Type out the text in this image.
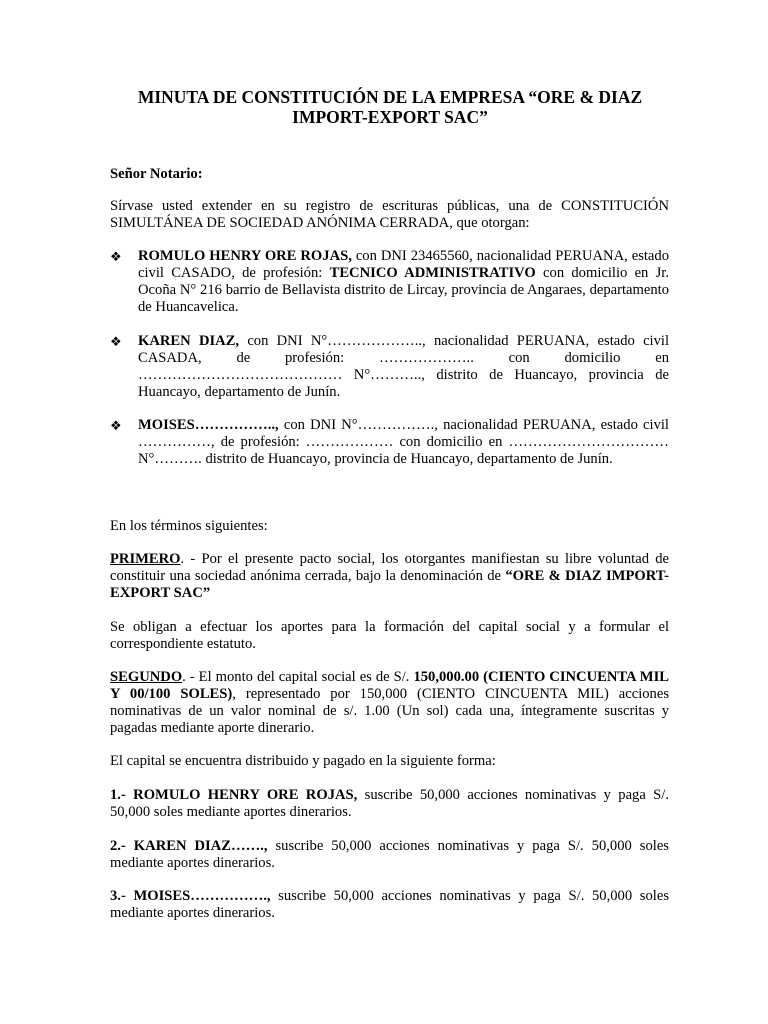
MINUTA DE CONSTITUCIÓN DE LA EMPRESA “ORE & DIAZ
IMPORT-EXPORT SAC”
Señor Notario:
Sírvase usted extender en su registro de escrituras públicas, una de CONSTITUCIÓN SIMULTÁNEA DE SOCIEDAD ANÓNIMA CERRADA, que otorgan:
❖	ROMULO HENRY ORE ROJAS, con DNI 23465560, nacionalidad PERUANA, estado civil CASADO, de profesión: TECNICO ADMINISTRATIVO con domicilio en Jr. Ocoña N° 216 barrio de Bellavista distrito de Lircay, provincia de Angaraes, departamento de Huancavelica.
❖	KAREN DIAZ, con DNI N°……………….., nacionalidad PERUANA, estado civil CASADA, de profesión: ……………….. con domicilio en …………………………………… N°……….., distrito de Huancayo, provincia de Huancayo, departamento de Junín.
❖	MOISES…………….., con DNI N°……………., nacionalidad PERUANA, estado civil ……………, de profesión: ……………… con domicilio en ……………………………N°………. distrito de Huancayo, provincia de Huancayo, departamento de Junín.
En los términos siguientes:
PRIMERO. - Por el presente pacto social, los otorgantes manifiestan su libre voluntad de constituir una sociedad anónima cerrada, bajo la denominación de “ORE & DIAZ IMPORT-EXPORT SAC”
Se obligan a efectuar los aportes para la formación del capital social y a formular el correspondiente estatuto.
SEGUNDO. - El monto del capital social es de S/. 150,000.00 (CIENTO CINCUENTA MIL Y 00/100 SOLES), representado por 150,000 (CIENTO CINCUENTA MIL) acciones nominativas de un valor nominal de s/. 1.00 (Un sol) cada una, íntegramente suscritas y pagadas mediante aporte dinerario.
El capital se encuentra distribuido y pagado en la siguiente forma:
1.- ROMULO HENRY ORE ROJAS, suscribe 50,000 acciones nominativas y paga S/. 50,000 soles mediante aportes dinerarios.
2.- KAREN DIAZ……., suscribe 50,000 acciones nominativas y paga S/. 50,000 soles mediante aportes dinerarios.
3.- MOISES……………., suscribe 50,000 acciones nominativas y paga S/. 50,000 soles mediante aportes dinerarios.
